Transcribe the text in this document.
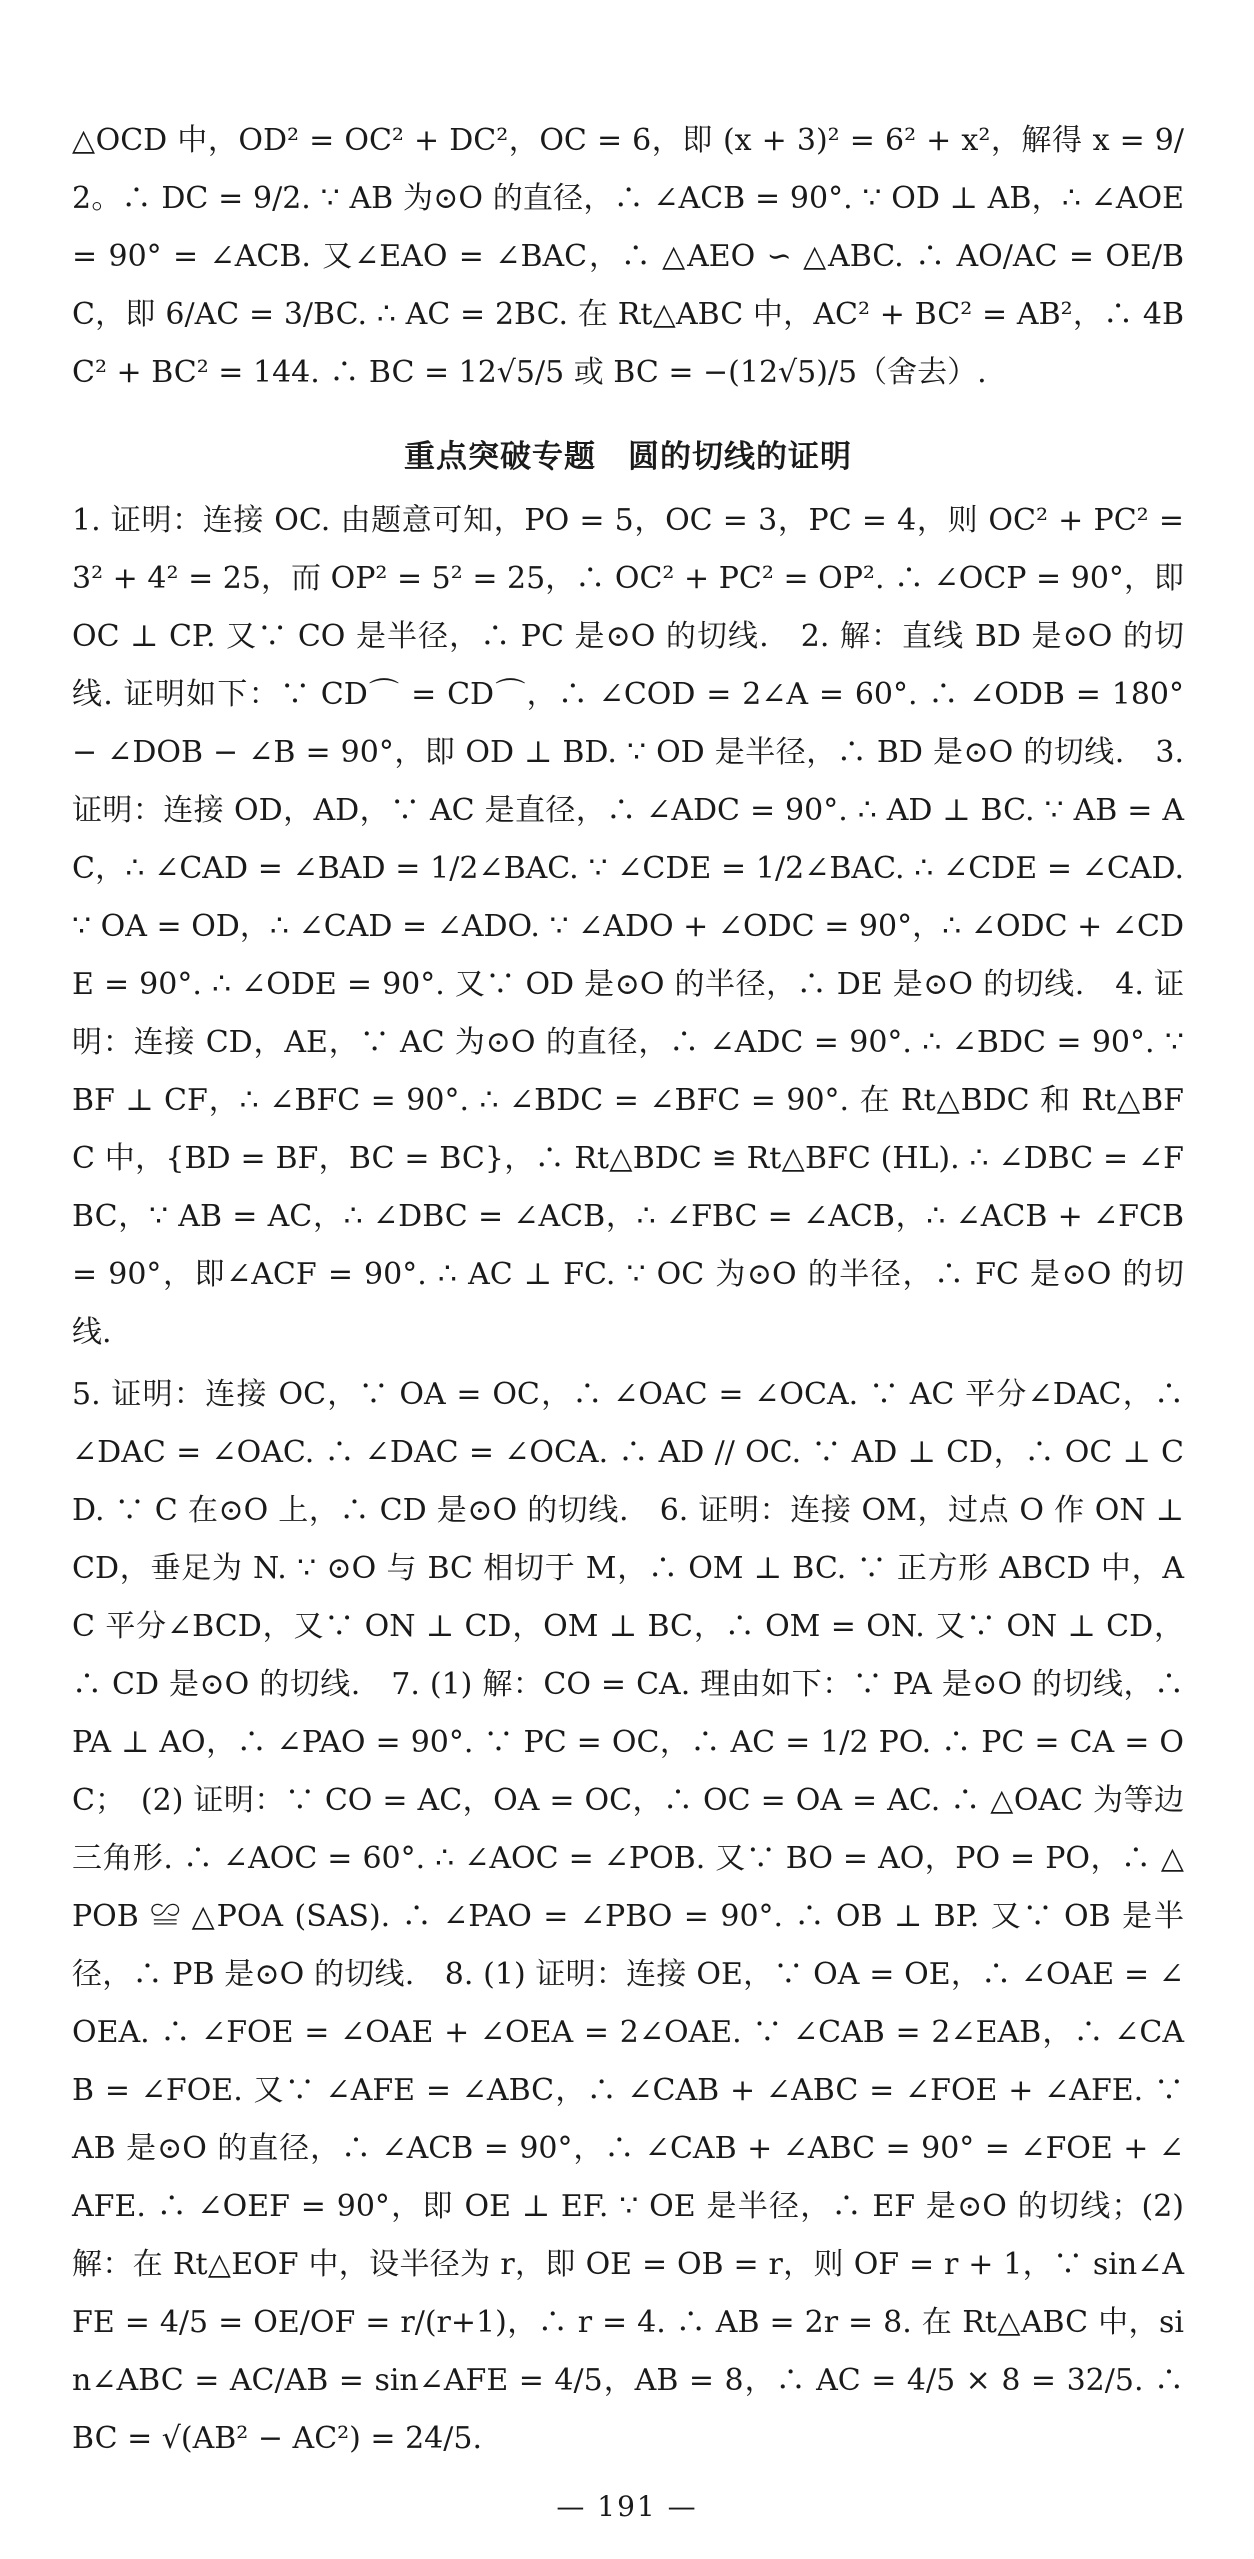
△OCD 中，OD² = OC² + DC²，OC = 6，即 (x + 3)² = 6² + x²，解得 x = 9/2。∴ DC = 9/2. ∵ AB 为⊙O 的直径，∴ ∠ACB = 90°. ∵ OD ⊥ AB，∴ ∠AOE = 90° = ∠ACB. 又∠EAO = ∠BAC，∴ △AEO ∽ △ABC. ∴ AO/AC = OE/BC，即 6/AC = 3/BC. ∴ AC = 2BC. 在 Rt△ABC 中，AC² + BC² = AB²，∴ 4BC² + BC² = 144. ∴ BC = 12√5/5 或 BC = −(12√5)/5（舍去）.

重点突破专题　圆的切线的证明

1. 证明：连接 OC. 由题意可知，PO = 5，OC = 3，PC = 4，则 OC² + PC² = 3² + 4² = 25，而 OP² = 5² = 25，∴ OC² + PC² = OP². ∴ ∠OCP = 90°，即 OC ⊥ CP. 又∵ CO 是半径，∴ PC 是⊙O 的切线.　2. 解：直线 BD 是⊙O 的切线. 证明如下：∵ CD⌒ = CD⌒，∴ ∠COD = 2∠A = 60°. ∴ ∠ODB = 180° − ∠DOB − ∠B = 90°，即 OD ⊥ BD. ∵ OD 是半径，∴ BD 是⊙O 的切线.　3. 证明：连接 OD，AD，∵ AC 是直径，∴ ∠ADC = 90°. ∴ AD ⊥ BC. ∵ AB = AC，∴ ∠CAD = ∠BAD = 1/2∠BAC. ∵ ∠CDE = 1/2∠BAC. ∴ ∠CDE = ∠CAD. ∵ OA = OD，∴ ∠CAD = ∠ADO. ∵ ∠ADO + ∠ODC = 90°，∴ ∠ODC + ∠CDE = 90°. ∴ ∠ODE = 90°. 又∵ OD 是⊙O 的半径，∴ DE 是⊙O 的切线.　4. 证明：连接 CD，AE，∵ AC 为⊙O 的直径，∴ ∠ADC = 90°. ∴ ∠BDC = 90°. ∵ BF ⊥ CF，∴ ∠BFC = 90°. ∴ ∠BDC = ∠BFC = 90°. 在 Rt△BDC 和 Rt△BFC 中，{BD = BF，BC = BC}，∴ Rt△BDC ≌ Rt△BFC (HL). ∴ ∠DBC = ∠FBC，∵ AB = AC，∴ ∠DBC = ∠ACB，∴ ∠FBC = ∠ACB，∴ ∠ACB + ∠FCB = 90°，即∠ACF = 90°. ∴ AC ⊥ FC. ∵ OC 为⊙O 的半径，∴ FC 是⊙O 的切线.

5. 证明：连接 OC，∵ OA = OC，∴ ∠OAC = ∠OCA. ∵ AC 平分∠DAC，∴ ∠DAC = ∠OAC. ∴ ∠DAC = ∠OCA. ∴ AD // OC. ∵ AD ⊥ CD，∴ OC ⊥ CD. ∵ C 在⊙O 上，∴ CD 是⊙O 的切线.　6. 证明：连接 OM，过点 O 作 ON ⊥ CD，垂足为 N. ∵ ⊙O 与 BC 相切于 M，∴ OM ⊥ BC. ∵ 正方形 ABCD 中，AC 平分∠BCD，又∵ ON ⊥ CD，OM ⊥ BC，∴ OM = ON. 又∵ ON ⊥ CD，∴ CD 是⊙O 的切线.　7. (1) 解：CO = CA. 理由如下：∵ PA 是⊙O 的切线，∴ PA ⊥ AO，∴ ∠PAO = 90°. ∵ PC = OC，∴ AC = 1/2 PO. ∴ PC = CA = OC；　(2) 证明：∵ CO = AC，OA = OC，∴ OC = OA = AC. ∴ △OAC 为等边三角形. ∴ ∠AOC = 60°. ∴ ∠AOC = ∠POB. 又∵ BO = AO，PO = PO，∴ △POB ≌ △POA (SAS). ∴ ∠PAO = ∠PBO = 90°. ∴ OB ⊥ BP. 又∵ OB 是半径，∴ PB 是⊙O 的切线.　8. (1) 证明：连接 OE，∵ OA = OE，∴ ∠OAE = ∠OEA. ∴ ∠FOE = ∠OAE + ∠OEA = 2∠OAE. ∵ ∠CAB = 2∠EAB，∴ ∠CAB = ∠FOE. 又∵ ∠AFE = ∠ABC，∴ ∠CAB + ∠ABC = ∠FOE + ∠AFE. ∵ AB 是⊙O 的直径，∴ ∠ACB = 90°，∴ ∠CAB + ∠ABC = 90° = ∠FOE + ∠AFE. ∴ ∠OEF = 90°，即 OE ⊥ EF. ∵ OE 是半径，∴ EF 是⊙O 的切线；(2) 解：在 Rt△EOF 中，设半径为 r，即 OE = OB = r，则 OF = r + 1，∵ sin∠AFE = 4/5 = OE/OF = r/(r+1)，∴ r = 4. ∴ AB = 2r = 8. 在 Rt△ABC 中，sin∠ABC = AC/AB = sin∠AFE = 4/5，AB = 8，∴ AC = 4/5 × 8 = 32/5. ∴ BC = √(AB² − AC²) = 24/5.

— 191 —
